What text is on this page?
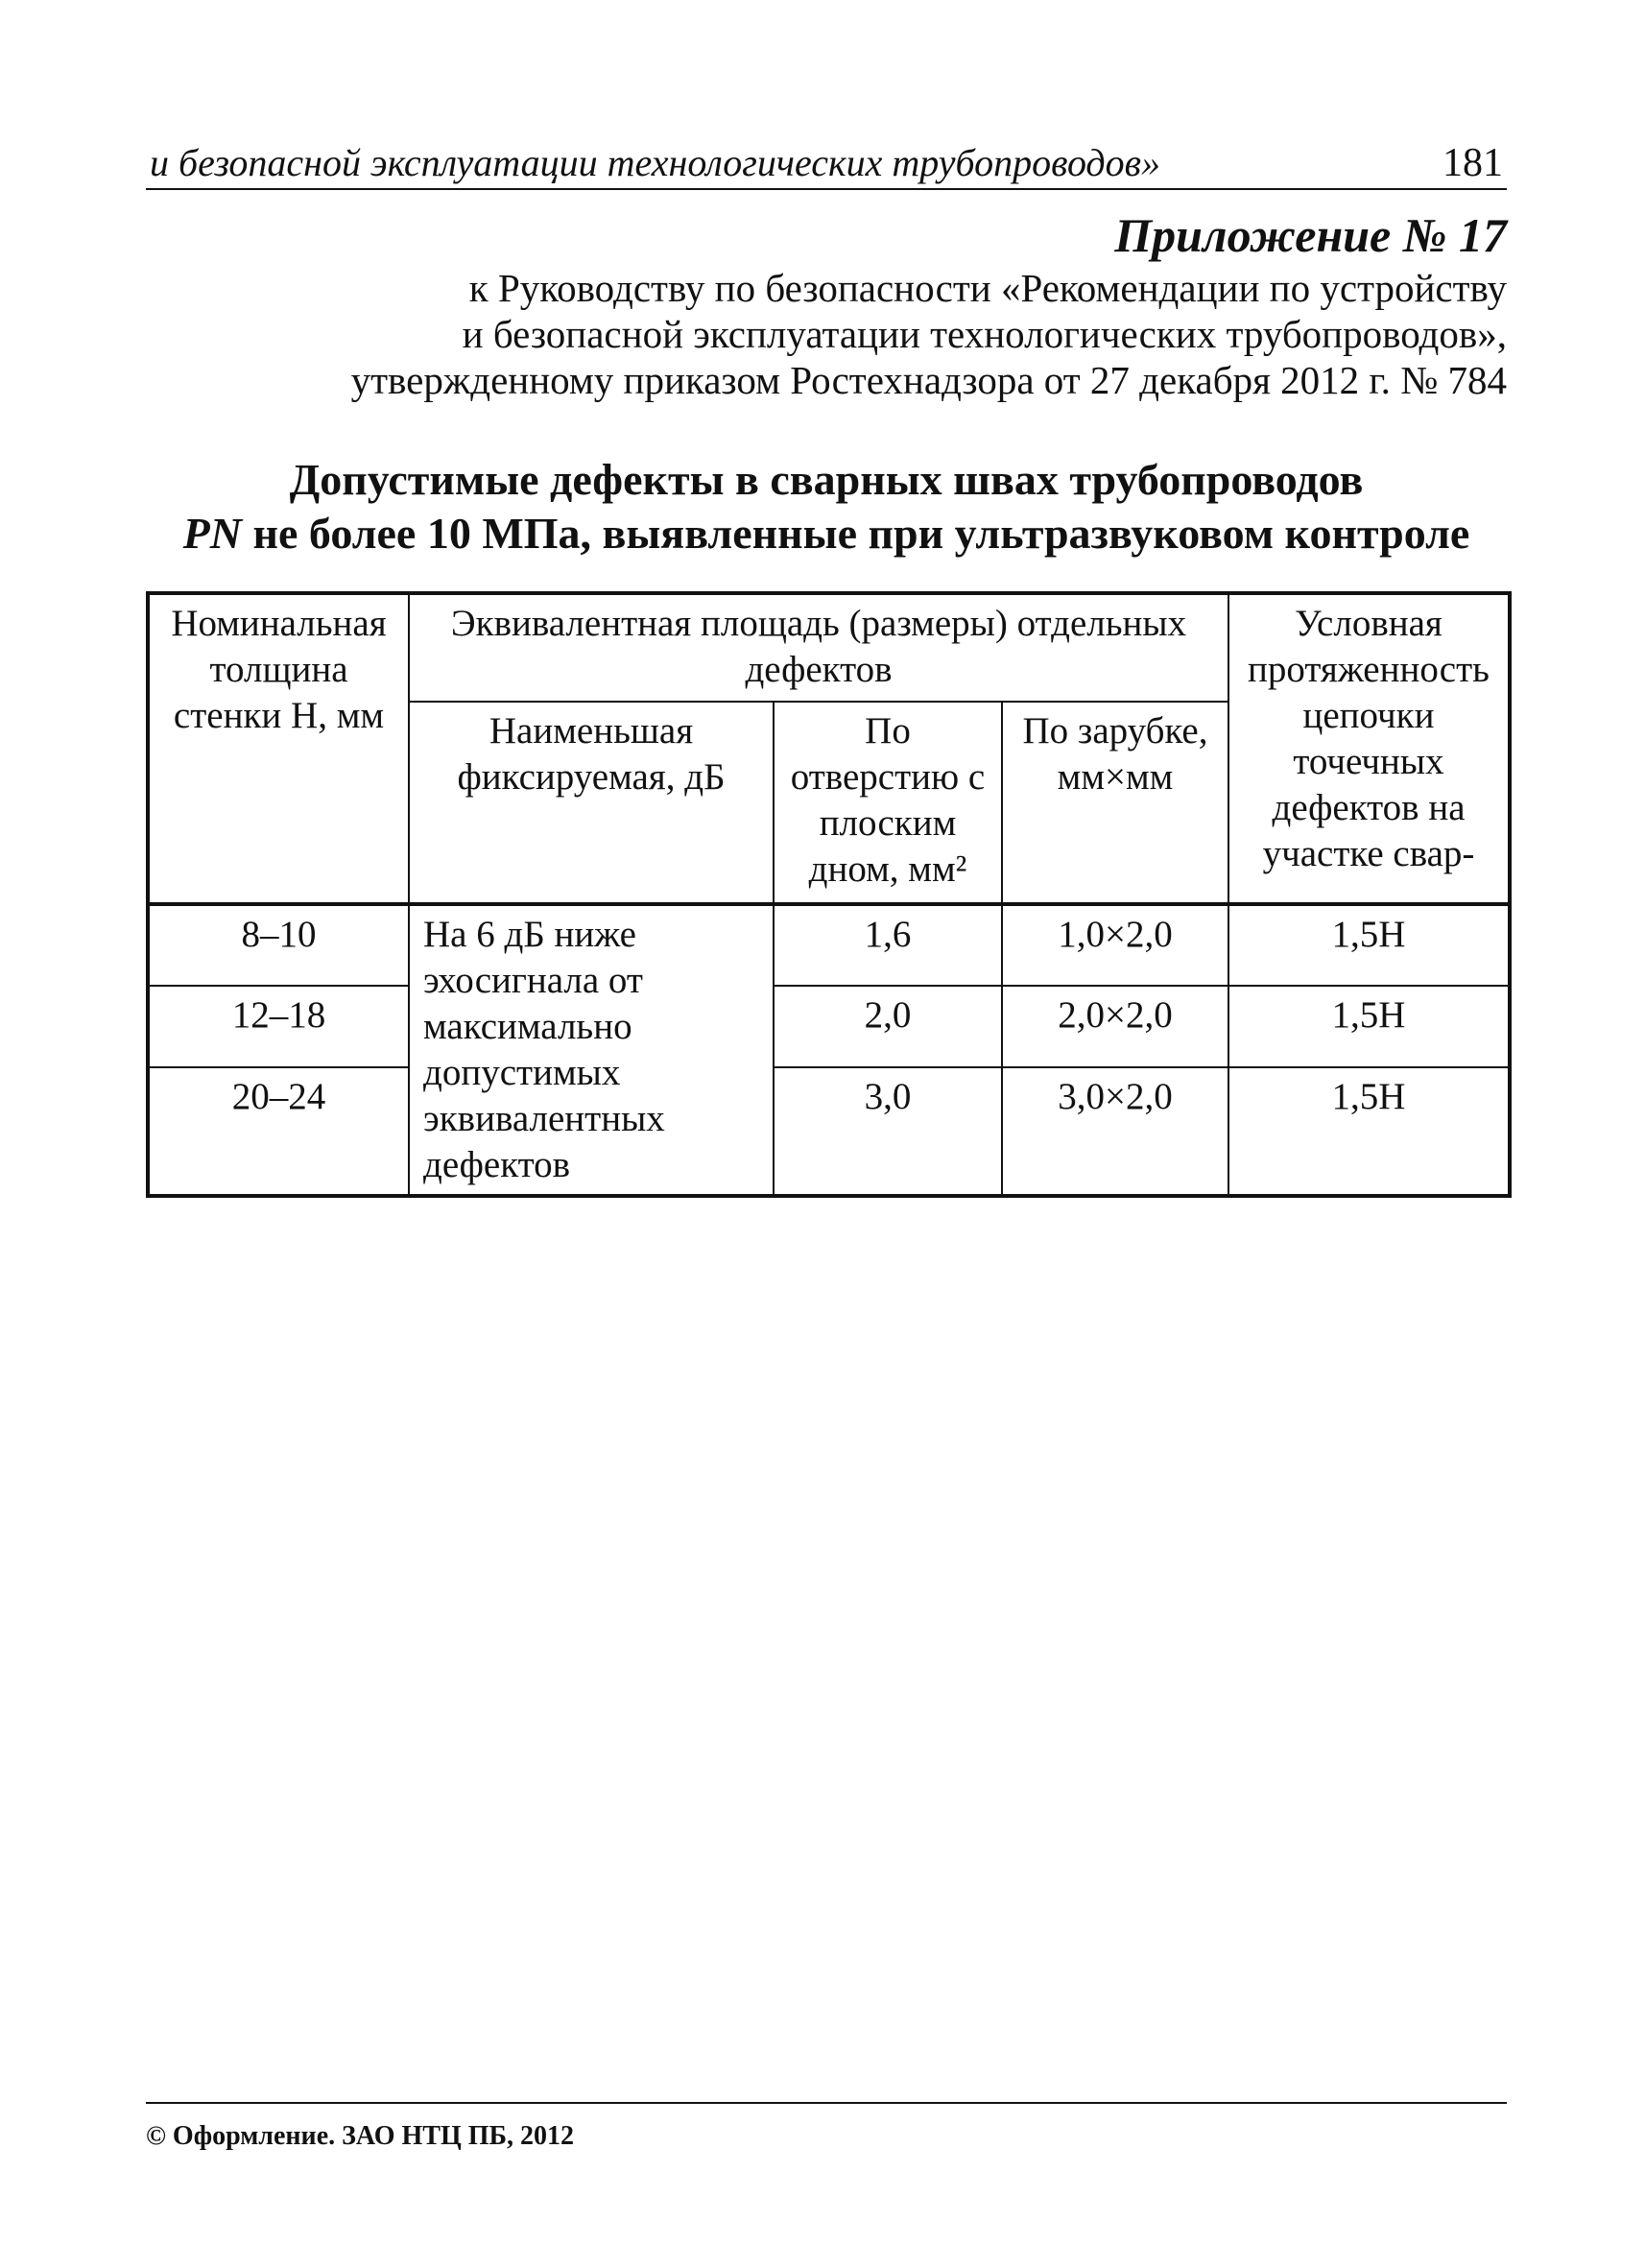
и безопасной эксплуатации технологических трубопроводов»	181
Приложение № 17
к Руководству по безопасности «Рекомендации по устройству
и безопасной эксплуатации технологических трубопроводов»,
утвержденному приказом Ростехнадзора от 27 декабря 2012 г. № 784
Допустимые дефекты в сварных швах трубопроводов
PN не более 10 МПа, выявленные при ультразвуковом контроле
Номинальная толщина стенки H, мм	Эквивалентная площадь (размеры) отдельных дефектов			Условная протяженность цепочки точечных дефектов на участке свар-
	Наименьшая фиксируемая, дБ	По отверстию с плоским дном, мм²	По зарубке, мм×мм	
8–10	На 6 дБ ниже эхосигнала от максимально допустимых эквивалентных дефектов	1,6	1,0×2,0	1,5H
12–18		2,0	2,0×2,0	1,5H
20–24		3,0	3,0×2,0	1,5H
© Оформление. ЗАО НТЦ ПБ, 2012
